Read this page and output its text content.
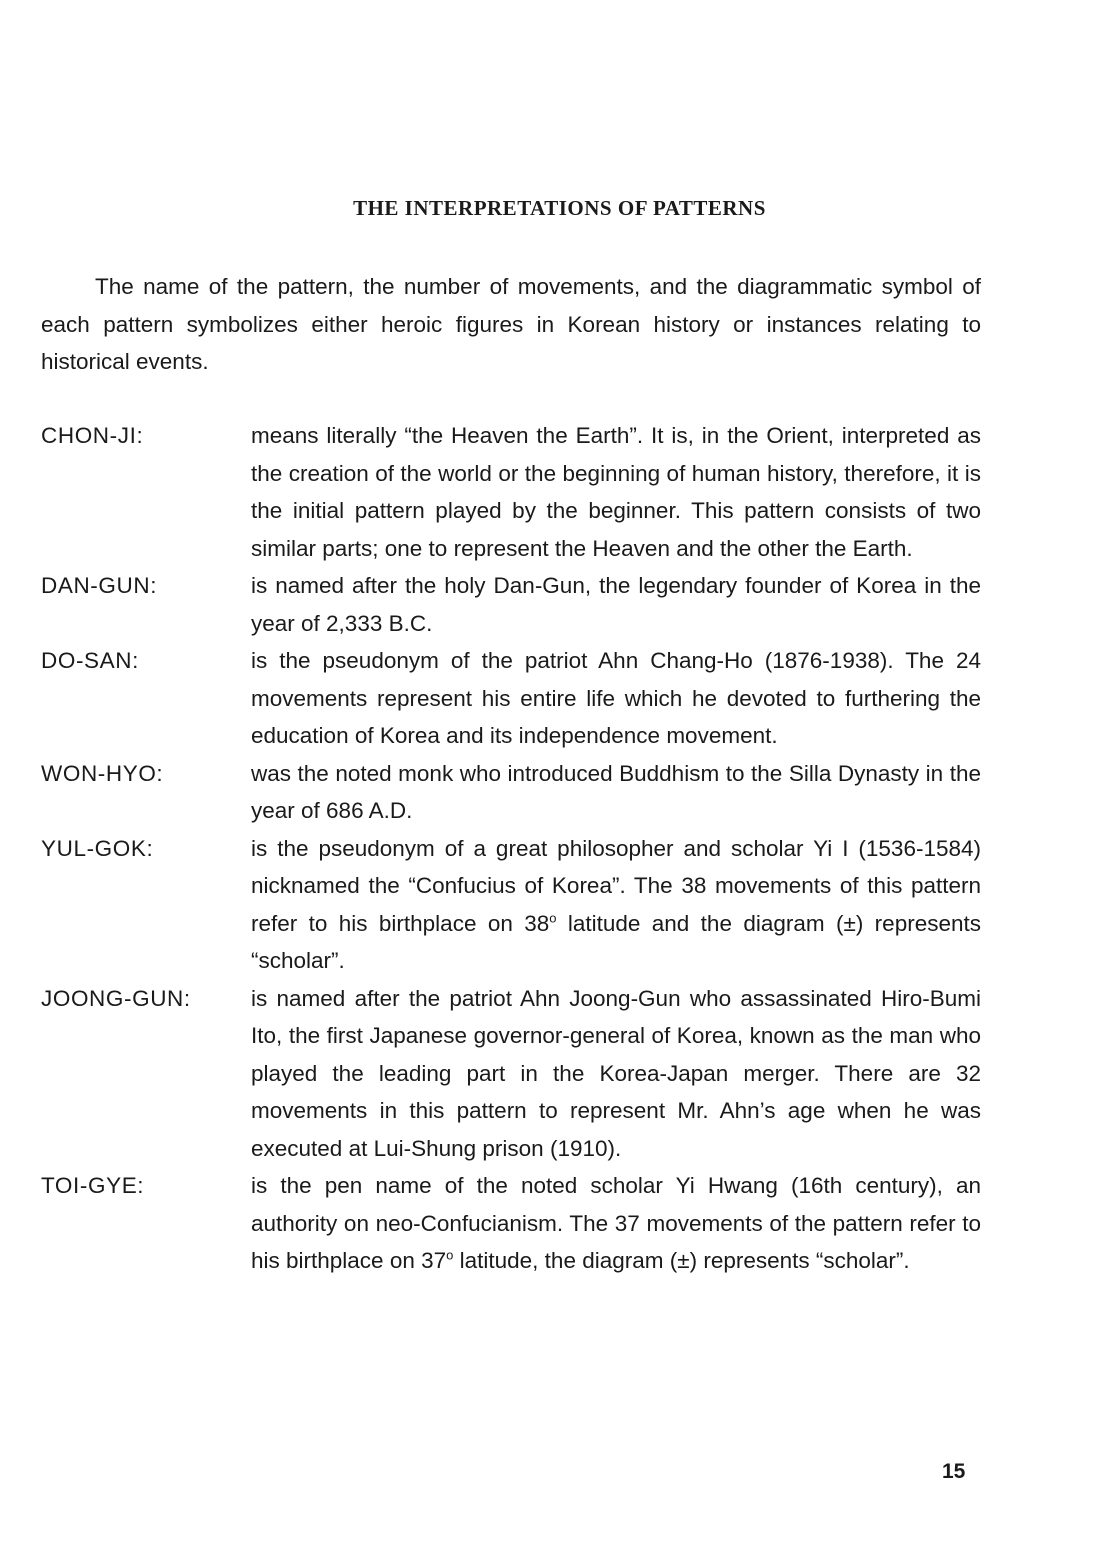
THE INTERPRETATIONS OF PATTERNS

The name of the pattern, the number of movements, and the diagrammatic symbol of each pattern symbolizes either heroic figures in Korean history or instances relating to historical events.

CHON-JI:	means literally “the Heaven the Earth”. It is, in the Orient, interpreted as the creation of the world or the beginning of human history, therefore, it is the initial pattern played by the beginner. This pattern consists of two similar parts; one to represent the Heaven and the other the Earth.
DAN-GUN:	is named after the holy Dan-Gun, the legendary founder of Korea in the year of 2,333 B.C.
DO-SAN:	is the pseudonym of the patriot Ahn Chang-Ho (1876-1938). The 24 movements represent his entire life which he devoted to furthering the education of Korea and its independence movement.
WON-HYO:	was the noted monk who introduced Buddhism to the Silla Dynasty in the year of 686 A.D.
YUL-GOK:	is the pseudonym of a great philosopher and scholar Yi I (1536-1584) nicknamed the “Confucius of Korea”. The 38 movements of this pattern refer to his birthplace on 38$^o$ latitude and the diagram (±) represents “scholar”.
JOONG-GUN:	is named after the patriot Ahn Joong-Gun who assassinated Hiro-Bumi Ito, the first Japanese governor-general of Korea, known as the man who played the leading part in the Korea-Japan merger. There are 32 movements in this pattern to represent Mr. Ahn’s age when he was executed at Lui-Shung prison (1910).
TOI-GYE:	is the pen name of the noted scholar Yi Hwang (16th century), an authority on neo-Confucianism. The 37 movements of the pattern refer to his birthplace on 37$^o$ latitude, the diagram (±) represents “scholar”.
15
